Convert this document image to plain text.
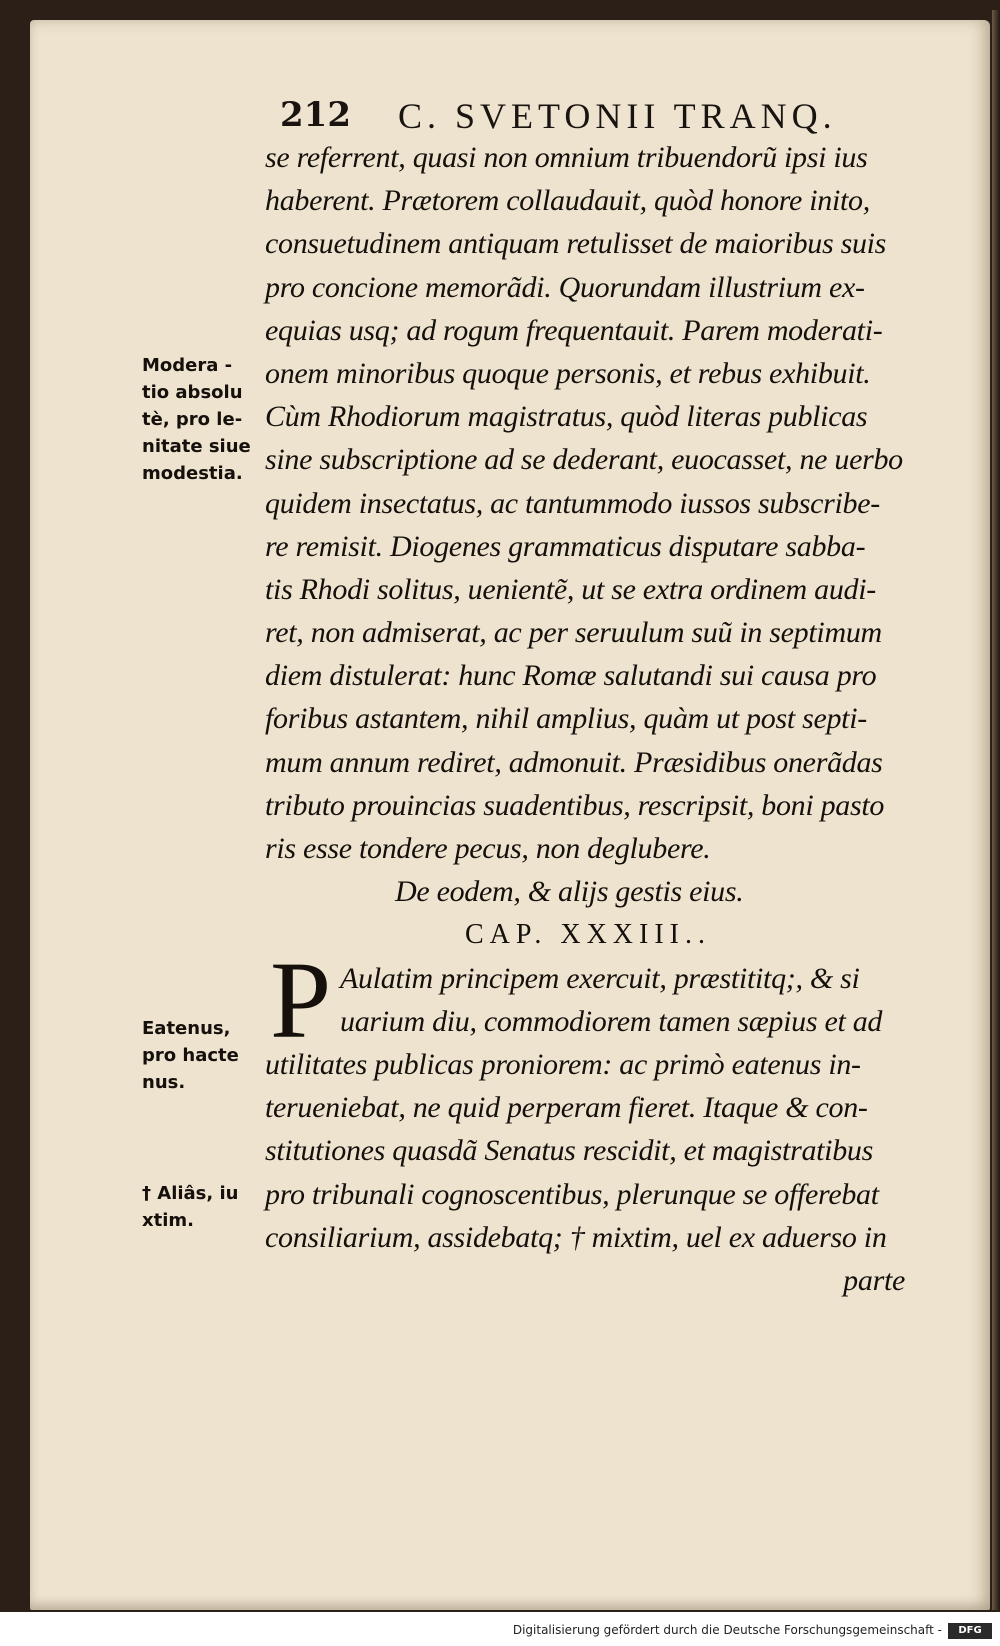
212 C. SVETONII TRANQ.
se referrent, quasi non omnium tribuendorũ ipsi ius
haberent. Prætorem collaudauit, quòd honore inito,
consuetudinem antiquam retulisset de maioribus suis
pro concione memorãdi. Quorundam illustrium ex-
equias usq; ad rogum frequentauit. Parem moderati-
onem minoribus quoque personis, et rebus exhibuit.
Cùm Rhodiorum magistratus, quòd literas publicas
sine subscriptione ad se dederant, euocasset, ne uerbo
quidem insectatus, ac tantummodo iussos subscribe-
re remisit. Diogenes grammaticus disputare sabba-
tis Rhodi solitus, uenientẽ, ut se extra ordinem audi-
ret, non admiserat, ac per seruulum suũ in septimum
diem distulerat: hunc Romæ salutandi sui causa pro
foribus astantem, nihil amplius, quàm ut post septi-
mum annum rediret, admonuit. Præsidibus onerãdas
tributo prouincias suadentibus, rescripsit, boni pasto
ris esse tondere pecus, non deglubere.
De eodem, & alijs gestis eius.
CAP. XXXIII..
Aulatim principem exercuit, præstititq;, & si
uarium diu, commodiorem tamen sæpius et ad
utilitates publicas proniorem: ac primò eatenus in-
terueniebat, ne quid perperam fieret. Itaque & con-
stitutiones quasdã Senatus rescidit, et magistratibus
pro tribunali cognoscentibus, plerunque se offerebat
consiliarium, assidebatq; † mixtim, uel ex aduerso in
parte
P
Modera -
tio absolu
tè, pro le-
nitate siue
modestia.
Eatenus,
pro hacte
nus.
† Aliâs, iu
xtim.
Digitalisierung gefördert durch die Deutsche Forschungsgemeinschaft -	DFG
